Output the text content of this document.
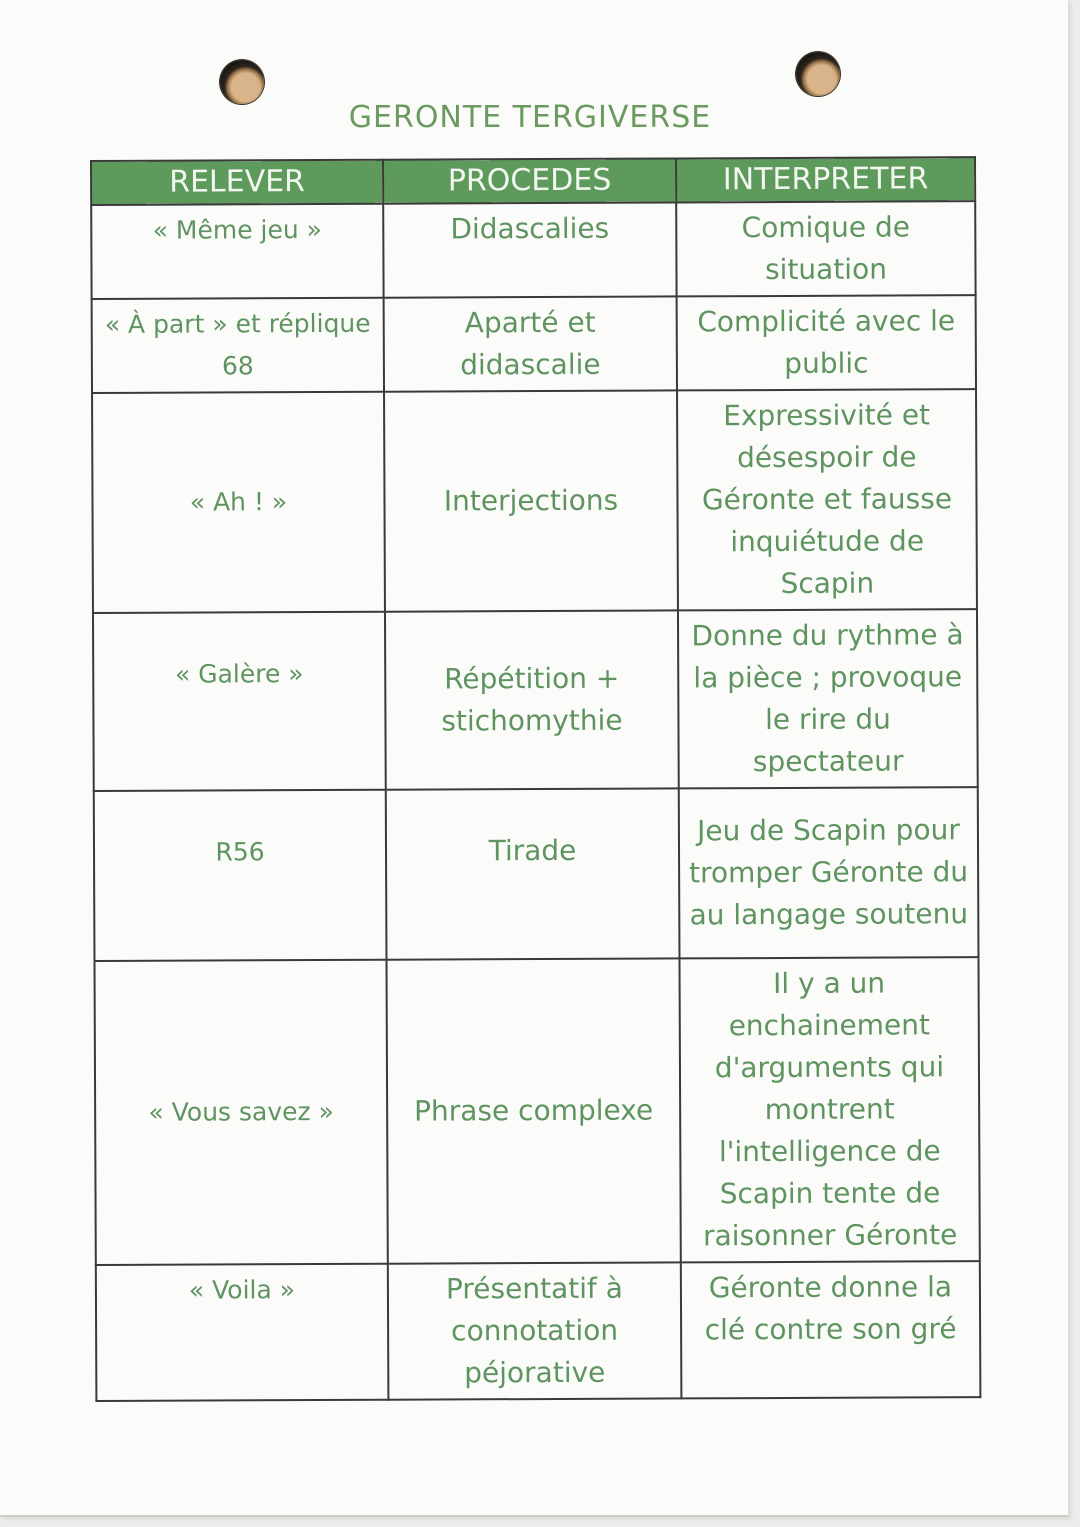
GERONTE TERGIVERSE
RELEVER	PROCEDES	INTERPRETER
« Même jeu »	Didascalies	Comique de situation
« À part » et réplique 68	Aparté et didascalie	Complicité avec le public
« Ah ! »	Interjections	Expressivité et désespoir de Géronte et fausse inquiétude de Scapin
« Galère »	Répétition + stichomythie	Donne du rythme à la pièce ; provoque le rire du spectateur
R56	Tirade	Jeu de Scapin pour tromper Géronte du au langage soutenu
« Vous savez »	Phrase complexe	Il y a un enchainement d'arguments qui montrent l'intelligence de Scapin tente de raisonner Géronte
« Voila »	Présentatif à connotation péjorative	Géronte donne la clé contre son gré
